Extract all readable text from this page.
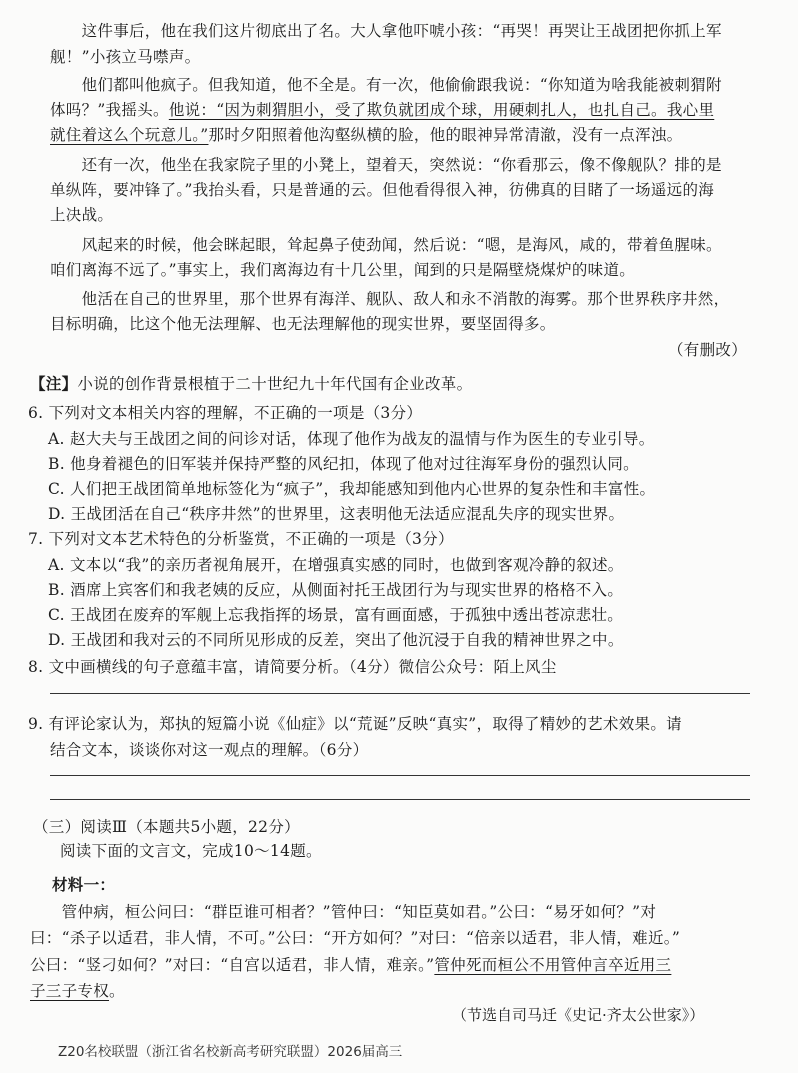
　　这件事后，他在我们这片彻底出了名。大人拿他吓唬小孩：“再哭！再哭让王战团把你抓上军
舰！”小孩立马噤声。
　　他们都叫他疯子。但我知道，他不全是。有一次，他偷偷跟我说：“你知道为啥我能被刺猬附
体吗？”我摇头。他说：“因为刺猬胆小，受了欺负就团成个球，用硬刺扎人，也扎自己。我心里
就住着这么个玩意儿。”那时夕阳照着他沟壑纵横的脸，他的眼神异常清澈，没有一点浑浊。
　　还有一次，他坐在我家院子里的小凳上，望着天，突然说：“你看那云，像不像舰队？排的是
单纵阵，要冲锋了。”我抬头看，只是普通的云。但他看得很入神，彷佛真的目睹了一场遥远的海
上决战。
　　风起来的时候，他会眯起眼，耸起鼻子使劲闻，然后说：“嗯，是海风，咸的，带着鱼腥味。
咱们离海不远了。”事实上，我们离海边有十几公里，闻到的只是隔壁烧煤炉的味道。
　　他活在自己的世界里，那个世界有海洋、舰队、敌人和永不消散的海雾。那个世界秩序井然，
目标明确，比这个他无法理解、也无法理解他的现实世界，要坚固得多。
（有删改）
【注】小说的创作背景根植于二十世纪九十年代国有企业改革。
6. 下列对文本相关内容的理解，不正确的一项是（3分）
A. 赵大夫与王战团之间的问诊对话，体现了他作为战友的温情与作为医生的专业引导。
B. 他身着褪色的旧军装并保持严整的风纪扣，体现了他对过往海军身份的强烈认同。
C. 人们把王战团简单地标签化为“疯子”，我却能感知到他内心世界的复杂性和丰富性。
D. 王战团活在自己“秩序井然”的世界里，这表明他无法适应混乱失序的现实世界。
7. 下列对文本艺术特色的分析鉴赏，不正确的一项是（3分）
A. 文本以“我”的亲历者视角展开，在增强真实感的同时，也做到客观冷静的叙述。
B. 酒席上宾客们和我老姨的反应，从侧面衬托王战团行为与现实世界的格格不入。
C. 王战团在废弃的军舰上忘我指挥的场景，富有画面感，于孤独中透出苍凉悲壮。
D. 王战团和我对云的不同所见形成的反差，突出了他沉浸于自我的精神世界之中。
8. 文中画横线的句子意蕴丰富，请简要分析。（4分）微信公众号：陌上风尘
9. 有评论家认为，郑执的短篇小说《仙症》以“荒诞”反映“真实”，取得了精妙的艺术效果。请
结合文本，谈谈你对这一观点的理解。（6分）
（三）阅读Ⅲ（本题共5小题，22分）
阅读下面的文言文，完成10～14题。
材料一：
　　管仲病，桓公问曰：“群臣谁可相者？”管仲曰：“知臣莫如君。”公曰：“易牙如何？”对
曰：“杀子以适君，非人情，不可。”公曰：“开方如何？”对曰：“倍亲以适君，非人情，难近。”
公曰：“竖刁如何？”对曰：“自宫以适君，非人情，难亲。”管仲死而桓公不用管仲言卒近用三
子三子专权。
（节选自司马迁《史记·齐太公世家》）
Z20名校联盟（浙江省名校新高考研究联盟）2026届高三
